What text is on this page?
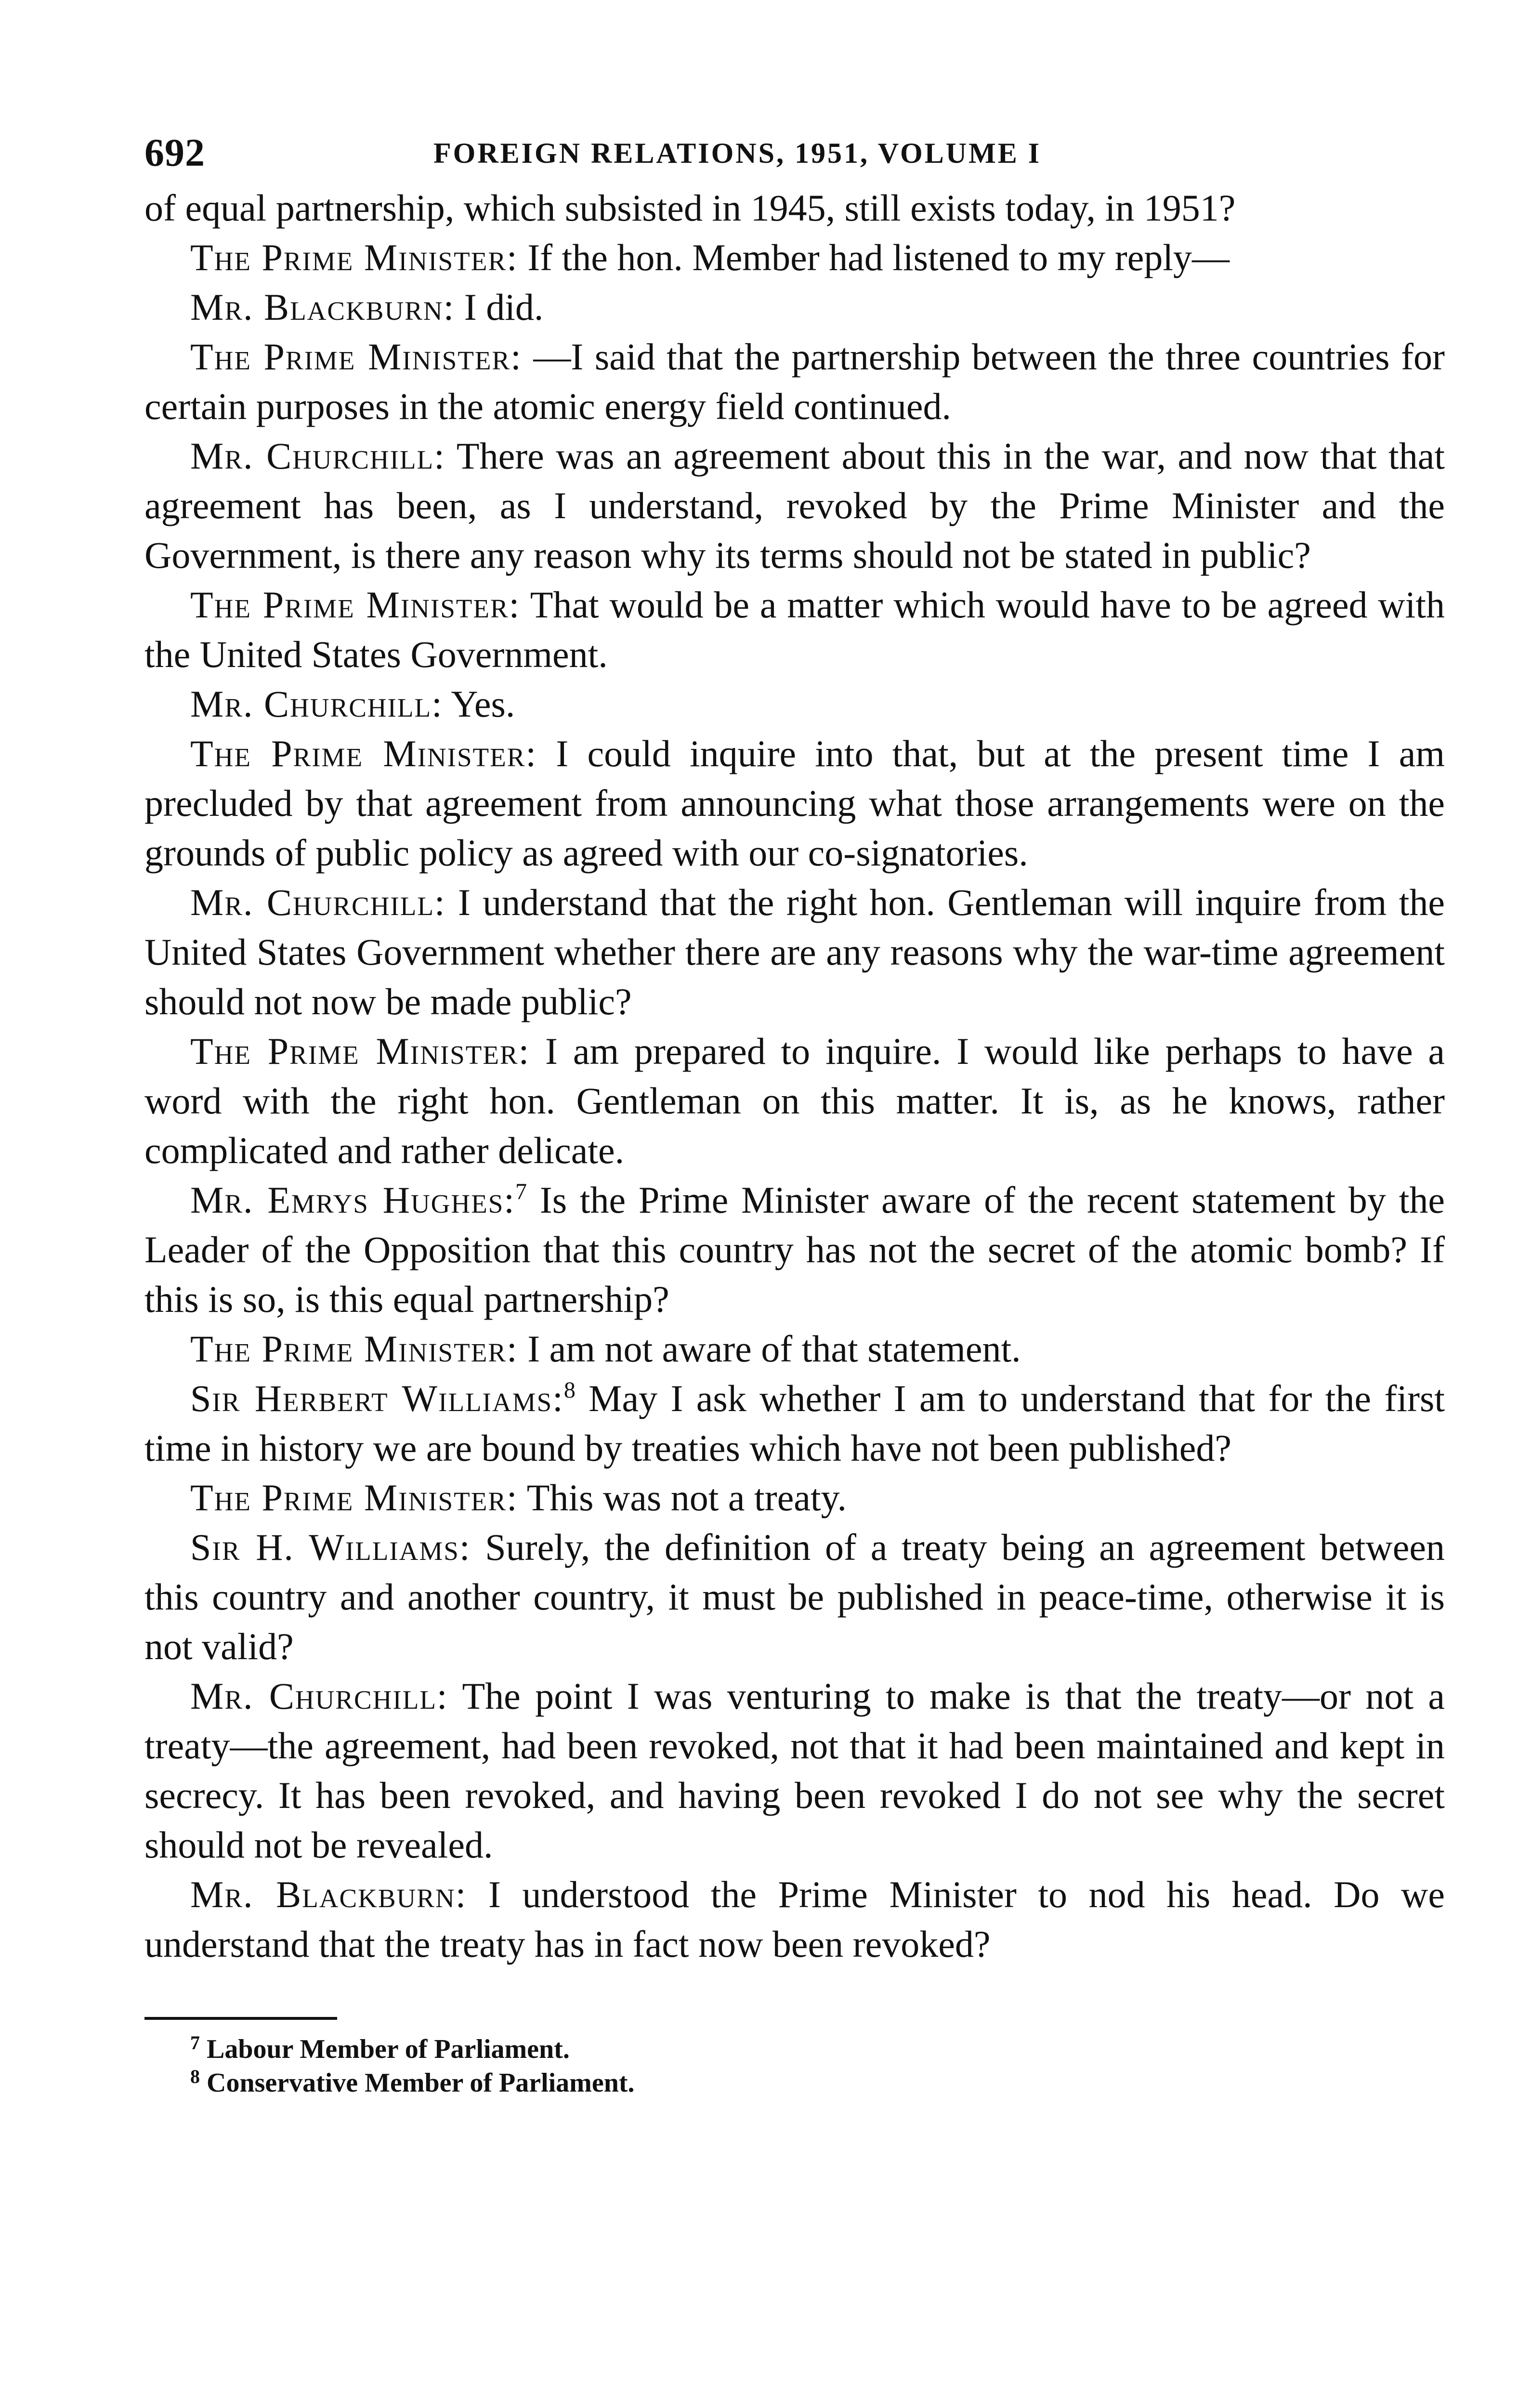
692	FOREIGN RELATIONS, 1951, VOLUME I

of equal partnership, which subsisted in 1945, still exists today, in 1951?

The Prime Minister: If the hon. Member had listened to my reply—

Mr. Blackburn: I did.

The Prime Minister: —I said that the partnership between the three countries for certain purposes in the atomic energy field continued.

Mr. Churchill: There was an agreement about this in the war, and now that that agreement has been, as I understand, revoked by the Prime Minister and the Government, is there any reason why its terms should not be stated in public?

The Prime Minister: That would be a matter which would have to be agreed with the United States Government.

Mr. Churchill: Yes.

The Prime Minister: I could inquire into that, but at the present time I am precluded by that agreement from announcing what those arrangements were on the grounds of public policy as agreed with our co-signatories.

Mr. Churchill: I understand that the right hon. Gentleman will inquire from the United States Government whether there are any reasons why the war-time agreement should not now be made public?

The Prime Minister: I am prepared to inquire. I would like perhaps to have a word with the right hon. Gentleman on this matter. It is, as he knows, rather complicated and rather delicate.

Mr. Emrys Hughes:$^7$ Is the Prime Minister aware of the recent statement by the Leader of the Opposition that this country has not the secret of the atomic bomb? If this is so, is this equal partnership?

The Prime Minister: I am not aware of that statement.

Sir Herbert Williams:$^8$ May I ask whether I am to understand that for the first time in history we are bound by treaties which have not been published?

The Prime Minister: This was not a treaty.

Sir H. Williams: Surely, the definition of a treaty being an agreement between this country and another country, it must be published in peace-time, otherwise it is not valid?

Mr. Churchill: The point I was venturing to make is that the treaty—or not a treaty—the agreement, had been revoked, not that it had been maintained and kept in secrecy. It has been revoked, and having been revoked I do not see why the secret should not be revealed.

Mr. Blackburn: I understood the Prime Minister to nod his head. Do we understand that the treaty has in fact now been revoked?

$^7$ Labour Member of Parliament.
$^8$ Conservative Member of Parliament.
